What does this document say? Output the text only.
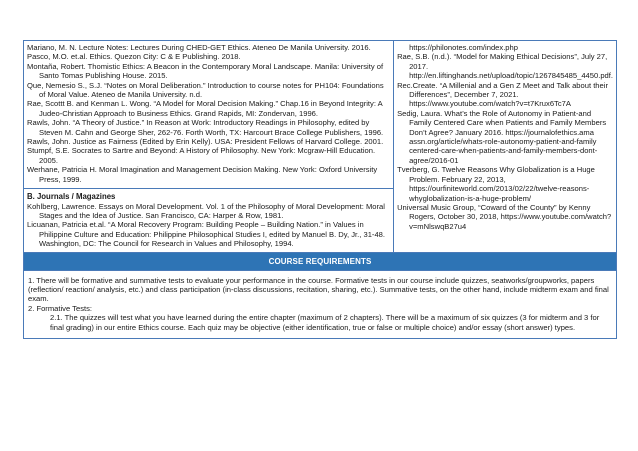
Mariano, M. N. Lecture Notes: Lectures During CHED-GET Ethics. Ateneo De Manila University. 2016.

Pasco, M.O. et.al. Ethics. Quezon City: C & E Publishing. 2018.

Montaña, Robert. Thomistic Ethics: A Beacon in the Contemporary Moral Landscape. Manila: University of Santo Tomas Publishing House. 2015.

Que, Nemesio S., S.J. “Notes on Moral Deliberation.” Introduction to course notes for PH104: Foundations of Moral Value. Ateneo de Manila University. n.d.

Rae, Scottt B. and Kenman L. Wong. “A Model for Moral Decision Making.” Chap.16 in Beyond Integrity: A Judeo-Christian Approach to Business Ethics. Grand Rapids, MI: Zondervan, 1996.

Rawls, John. “A Theory of Justice.” In Reason at Work: Introductory Readings in Philosophy, edited by Steven M. Cahn and George Sher, 262-76. Forth Worth, TX: Harcourt Brace College Publishers, 1996.

Rawls, John. Justice as Fairness (Edited by Erin Kelly). USA: President Fellows of Harvard College. 2001.

Stumpf, S.E. Socrates to Sartre and Beyond: A History of Philosophy. New York: Mcgraw-Hill Education. 2005.

Werhane, Patricia H. Moral Imagination and Management Decision Making. New York: Oxford University Press, 1999.

B. Journals / Magazines

Kohlberg, Lawrence. Essays on Moral Development. Vol. 1 of the Philosophy of Moral Development: Moral Stages and the Idea of Justice. San Francisco, CA: Harper & Row, 1981.

Licuanan, Patricia et.al. “A Moral Recovery Program: Building People – Building Nation.” in Values in Philippine Culture and Education: Philippine Philosophical Studies I, edited by Manuel B. Dy, Jr., 31-48. Washington, DC: The Council for Research in Values and Philosophy, 1994.

https://philonotes.com/index.php

Rae, S.B. (n.d.). “Model for Making Ethical Decisions”, July 27, 2017. http://en.liftinghands.net/upload/topic/1267845485_4450.pdf.

Rec.Create. “A Millenial and a Gen Z Meet and Talk about their Differences”, December 7, 2021. https://www.youtube.com/watch?v=t7Krux6Tc7A

Sedig, Laura. What’s the Role of Autonomy in Patient-and Family Centered Care when Patients and Family Members Don’t Agree? January 2016. https://journalofethics.ama assn.org/article/whats-role-autonomy-patient-and-family centered-care-when-patients-and-family-members-dont-agree/2016-01

Tverberg, G. Twelve Reasons Why Globalization is a Huge Problem. February 22, 2013, https://ourfiniteworld.com/2013/02/22/twelve-reasons-whyglobalization-is-a-huge-problem/

Universal Music Group, “Coward of the County” by Kenny Rogers, October 30, 2018, https://www.youtube.com/watch?v=mNlswqB27u4

COURSE REQUIREMENTS

1. There will be formative and summative tests to evaluate your performance in the course. Formative tests in our course include quizzes, seatworks/groupworks, papers (reflection/ reaction/ analysis, etc.) and class participation (in-class discussions, recitation, sharing, etc.). Summative tests, on the other hand, include midterm exam and final exam.

2. Formative Tests:

2.1. The quizzes will test what you have learned during the entire chapter (maximum of 2 chapters). There will be a maximum of six quizzes (3 for midterm and 3 for final grading) in our entire Ethics course. Each quiz may be objective (either identification, true or false or multiple choice) and/or essay (short answer) types.
